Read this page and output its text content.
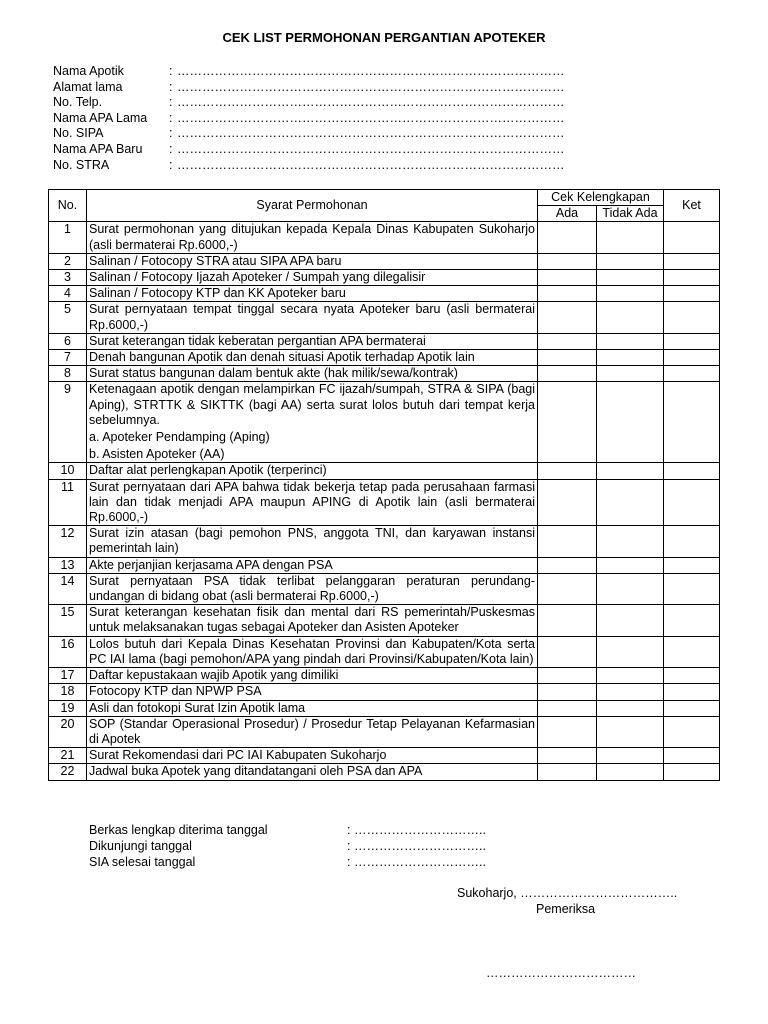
CEK LIST PERMOHONAN PERGANTIAN APOTEKER
Nama Apotik	: …………………………………………………………………………………
Alamat lama	: …………………………………………………………………………………
No. Telp.	: …………………………………………………………………………………
Nama APA Lama : …………………………………………………………………………………
No. SIPA	: …………………………………………………………………………………
Nama APA Baru : …………………………………………………………………………………
No. STRA	: …………………………………………………………………………………
No.	Syarat Permohonan	Cek Kelengkapan		Ket
		Ada	Tidak Ada	
1	Surat permohonan yang ditujukan kepada Kepala Dinas Kabupaten Sukoharjo (asli bermaterai Rp.6000,-)			
2	Salinan / Fotocopy STRA atau SIPA APA baru			
3	Salinan / Fotocopy Ijazah Apoteker / Sumpah yang dilegalisir			
4	Salinan / Fotocopy KTP dan KK Apoteker baru			
5	Surat pernyataan tempat tinggal secara nyata Apoteker baru (asli bermaterai Rp.6000,-)			
6	Surat keterangan tidak keberatan pergantian APA bermaterai			
7	Denah bangunan Apotik dan denah situasi Apotik terhadap Apotik lain			
8	Surat status bangunan dalam bentuk akte (hak milik/sewa/kontrak)			
9	Ketenagaan apotik dengan melampirkan FC ijazah/sumpah, STRA & SIPA (bagi Aping), STRTTK & SIKTTK (bagi AA) serta surat lolos butuh dari tempat kerja sebelumnya.
a. Apoteker Pendamping (Aping)
b. Asisten Apoteker (AA)			

10	Daftar alat perlengkapan Apotik (terperinci)			
11	Surat pernyataan dari APA bahwa tidak bekerja tetap pada perusahaan farmasi lain dan tidak menjadi APA maupun APING di Apotik lain (asli bermaterai Rp.6000,-)			
12	Surat izin atasan (bagi pemohon PNS, anggota TNI, dan karyawan instansi pemerintah lain)			
13	Akte perjanjian kerjasama APA dengan PSA			
14	Surat pernyataan PSA tidak terlibat pelanggaran peraturan perundang-undangan di bidang obat (asli bermaterai Rp.6000,-)			
15	Surat keterangan kesehatan fisik dan mental dari RS pemerintah/Puskesmas untuk melaksanakan tugas sebagai Apoteker dan Asisten Apoteker			
16	Lolos butuh dari Kepala Dinas Kesehatan Provinsi dan Kabupaten/Kota serta PC IAI lama (bagi pemohon/APA yang pindah dari Provinsi/Kabupaten/Kota lain)			
17	Daftar kepustakaan wajib Apotik yang dimiliki			
18	Fotocopy KTP dan NPWP PSA			
19	Asli dan fotokopi Surat Izin Apotik lama			
20	SOP (Standar Operasional Prosedur) / Prosedur Tetap Pelayanan Kefarmasian di Apotek			
21	Surat Rekomendasi dari PC IAI Kabupaten Sukoharjo			
22	Jadwal buka Apotek yang ditandatangani oleh PSA dan APA			
Berkas lengkap diterima tanggal	: …………………………..
Dikunjungi tanggal	: …………………………..
SIA selesai tanggal	: …………………………..
Sukoharjo, ………………………………..
Pemeriksa
………………………………
